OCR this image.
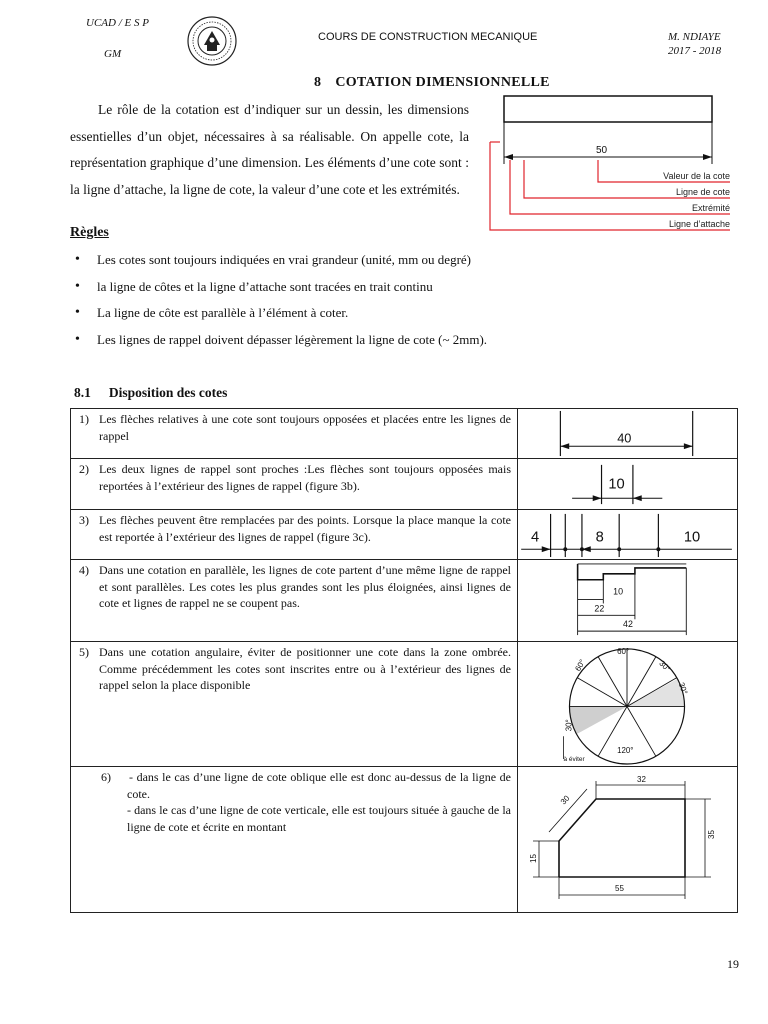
UCAD / E S P
GM
COURS DE CONSTRUCTION MECANIQUE	M. NDIAYE
2017 - 2018
8 COTATION DIMENSIONNELLE

Le rôle de la cotation est d’indiquer sur un dessin, les dimensions essentielles d’un objet, nécessaires à sa réalisable. On appelle cote, la représentation graphique d’une dimension. Les éléments d’une cote sont : la ligne d’attache, la ligne de cote, la valeur d’une cote et les extrémités.

50
Valeur de la cote
Ligne de cote
Extrémité
Ligne d’attache
Règles
• Les cotes sont toujours indiquées en vrai grandeur (unité, mm ou degré)
• la ligne de côtes et la ligne d’attache sont tracées en trait continu
• La ligne de côte est parallèle à l’élément à coter.
• Les lignes de rappel doivent dépasser légèrement la ligne de cote (~ 2mm).
8.1 Disposition des cotes
1) Les flèches relatives à une cote sont toujours opposées et placées entre les lignes de rappel	40
2) Les deux lignes de rappel sont proches :Les flèches sont toujours opposées mais reportées à l’extérieur des lignes de rappel (figure 3b).	10
3) Les flèches peuvent être remplacées par des points. Lorsque la place manque la cote est reportée à l’extérieur des lignes de rappel (figure 3c).	4	8	10
4) Dans une cotation en parallèle, les lignes de cote partent d’une même ligne de rappel et sont parallèles. Les cotes les plus grandes sont les plus éloignées, ainsi lignes de cote et lignes de rappel ne se coupent pas.
10
22
42
5) Dans une cotation angulaire, éviter de positionner une cote dans la zone ombrée. Comme précédemment les cotes sont inscrites entre ou à l’extérieur des lignes de rappel selon la place disponible
60°
60°	30°
30°
30°
120°
à éviter
6)	- dans le cas d’une ligne de cote oblique elle est donc au-dessus de la ligne de cote.
- dans le cas d’une ligne de cote verticale, elle est toujours située à gauche de la ligne de cote et écrite en montant
32
30
35
15
55
19
